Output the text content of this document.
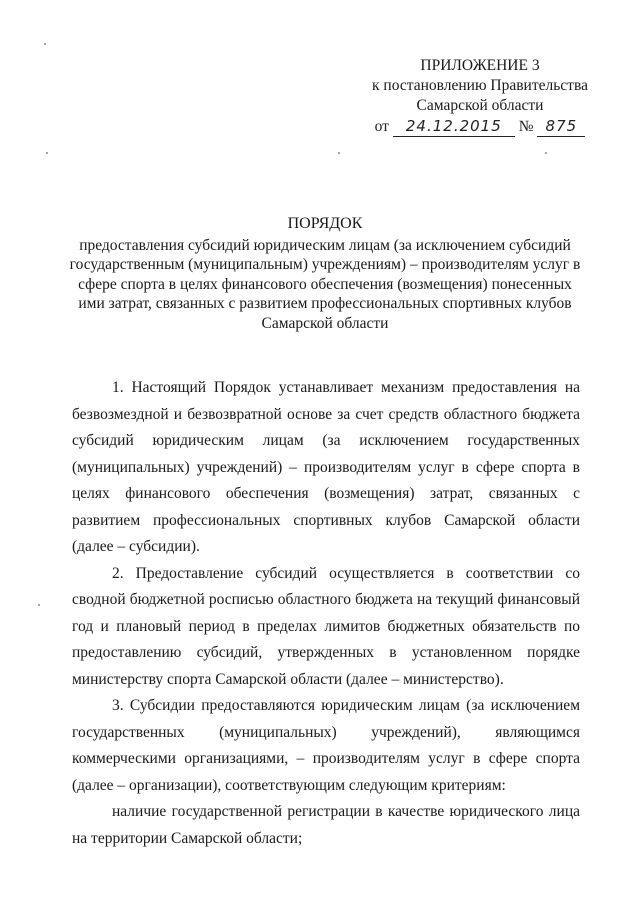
ПРИЛОЖЕНИЕ 3
к постановлению Правительства
Самарской области
от 24.12.2015 № 875
ПОРЯДОК
предоставления субсидий юридическим лицам (за исключением субсидий
государственным (муниципальным) учреждениям) – производителям услуг в
сфере спорта в целях финансового обеспечения (возмещения) понесенных
ими затрат, связанных с развитием профессиональных спортивных клубов
Самарской области

1. Настоящий Порядок устанавливает механизм предоставления на безвозмездной и безвозвратной основе за счет средств областного бюджета субсидий юридическим лицам (за исключением государственных (муниципальных) учреждений) – производителям услуг в сфере спорта в целях финансового обеспечения (возмещения) затрат, связанных с развитием профессиональных спортивных клубов Самарской области (далее – субсидии).

2. Предоставление субсидий осуществляется в соответствии со сводной бюджетной росписью областного бюджета на текущий финансовый год и плановый период в пределах лимитов бюджетных обязательств по предоставлению субсидий, утвержденных в установленном порядке министерству спорта Самарской области (далее – министерство).

3. Субсидии предоставляются юридическим лицам (за исключением государственных (муниципальных) учреждений), являющимся коммерческими организациями, – производителям услуг в сфере спорта (далее – организации), соответствующим следующим критериям:

наличие государственной регистрации в качестве юридического лица на территории Самарской области;
